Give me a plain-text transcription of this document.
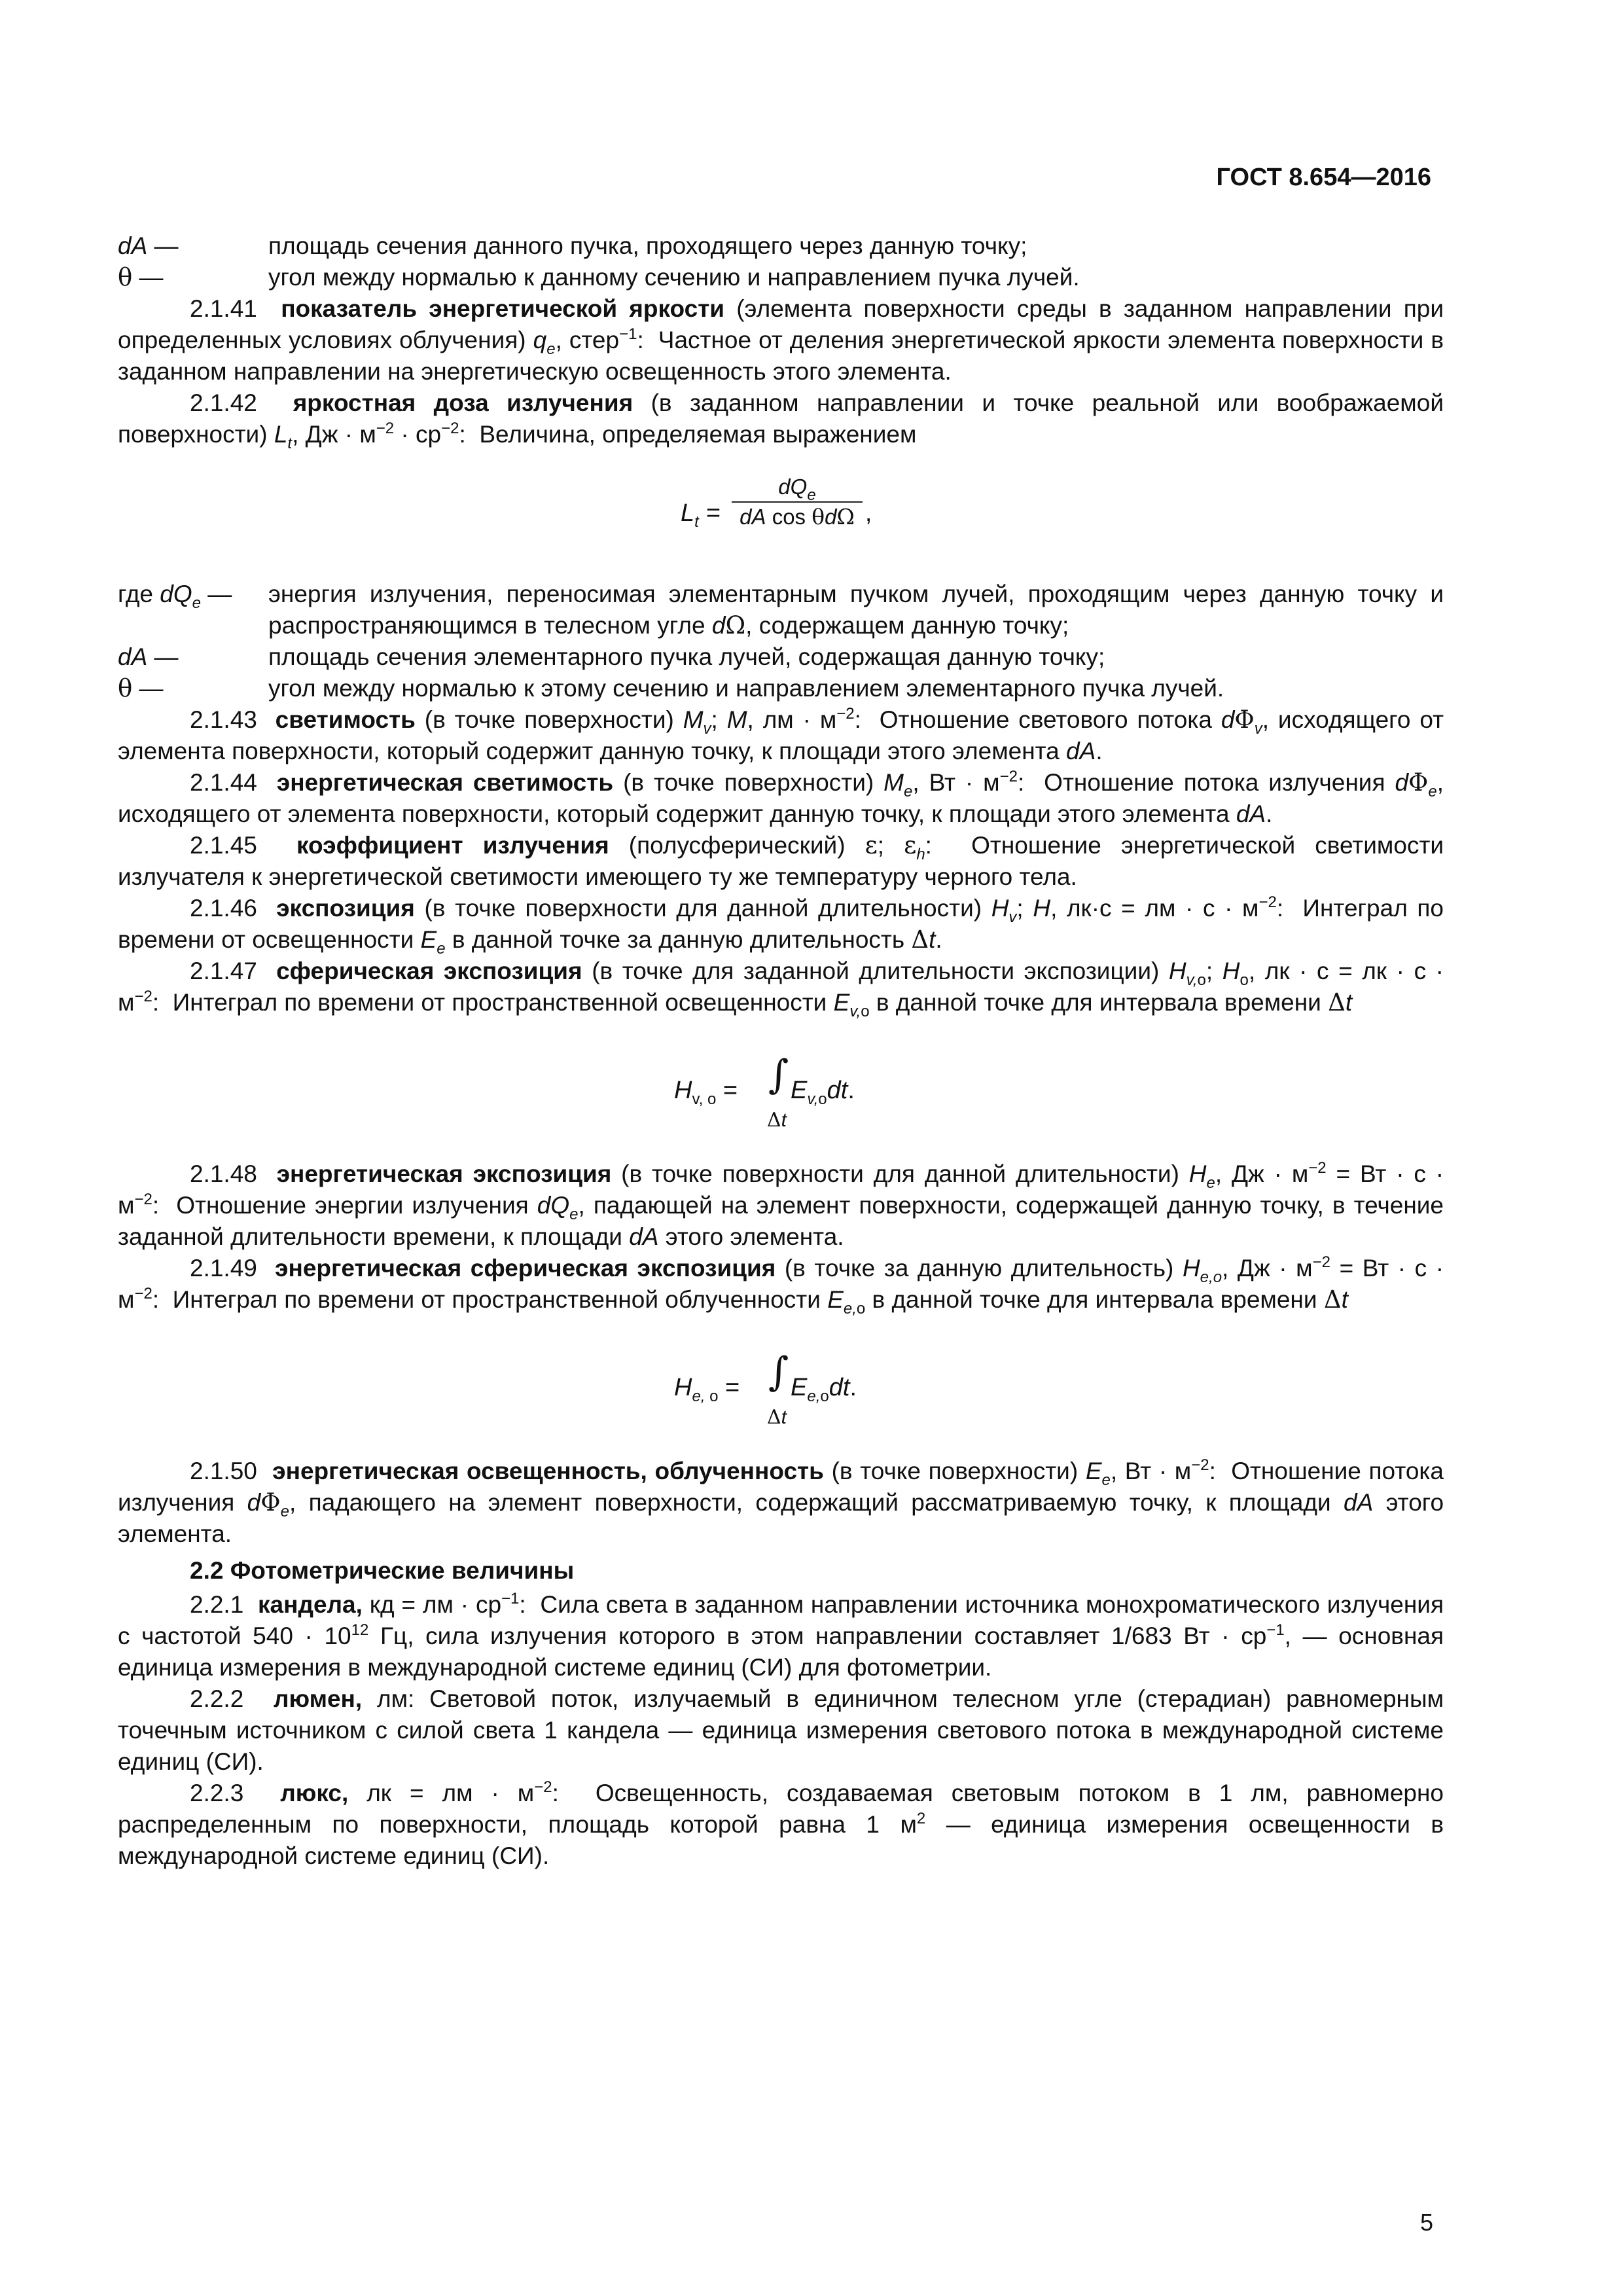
ГОСТ 8.654—2016

dA —	площадь сечения данного пучка, проходящего через данную точку;

θ —	угол между нормалью к данному сечению и направлением пучка лучей.

2.1.41 показатель энергетической яркости (элемента поверхности среды в заданном направлении при определенных условиях облучения) $q_e$, стер$^{-1}$:  Частное от деления энергетической яркости элемента поверхности в заданном направлении на энергетическую освещенность этого элемента.

2.1.42 яркостная доза излучения (в заданном направлении и точке реальной или воображаемой поверхности) $L_t$, Дж · $м^{-2} \cdot ср^{-2}$:  Величина, определяемая выражением

$L_t$ =
$dQ_e$
dA cos θdΩ ,

где $dQ_e$ — энергия излучения, переносимая элементарным пучком лучей, проходящим через данную точку и распространяющимся в телесном угле dΩ, содержащем данную точку;

dA —	площадь сечения элементарного пучка лучей, содержащая данную точку;

θ —	угол между нормалью к этому сечению и направлением элементарного пучка лучей.

2.1.43 светимость (в точке поверхности) $M_v$; M, лм · $м^{-2}$:  Отношение светового потока $d\Phi_v$, исходящего от элемента поверхности, который содержит данную точку, к площади этого элемента dA.

2.1.44 энергетическая светимость (в точке поверхности) $M_e$, Вт · $м^{-2}$:  Отношение потока излучения $d\Phi_e$, исходящего от элемента поверхности, который содержит данную точку, к площади этого элемента dA.

2.1.45 коэффициент излучения (полусферический) ε; $\varepsilon_h$:  Отношение энергетической светимости излучателя к энергетической светимости имеющего ту же температуру черного тела.

2.1.46 экспозиция (в точке поверхности для данной длительности) $H_v$; H, лк·с = лм · $с \cdot м^{-2}$:  Интеграл по времени от освещенности $E_e$ в данной точке за данную длительность Δt.

2.1.47 сферическая экспозиция (в точке для заданной длительности экспозиции) $H_{v,о}$; $H_о$, лк · с = лк · $с \cdot м^{-2}$:  Интеграл по времени от пространственной освещенности $E_{v,о}$ в данной точке для интервала времени Δt

$H_{v, о}$ = ∫
Δt
$E_{v,о}dt$.

2.1.48 энергетическая экспозиция (в точке поверхности для данной длительности) $H_e$, Дж · $м^{-2}$ = Вт · $с \cdot м^{-2}$:  Отношение энергии излучения $dQ_e$, падающей на элемент поверхности, содержащей данную точку, в течение заданной длительности времени, к площади dA этого элемента.

2.1.49 энергетическая сферическая экспозиция (в точке за данную длительность) $H_{e,o}$, Дж · $м^{-2}$ = Вт · $с \cdot м^{-2}$:  Интеграл по времени от пространственной облученности $E_{e,о}$ в данной точке для интервала времени Δt

$H_{e,}$ $_о$ = ∫
Δt
$E_{e,о}dt$.

2.1.50 энергетическая освещенность, облученность (в точке поверхности) $E_e$, Вт · $м^{-2}$:  Отношение потока излучения $d\Phi_e$, падающего на элемент поверхности, содержащий рассматриваемую точку, к площади dA этого элемента.

2.2 Фотометрические величины

2.2.1 кандела, кд = лм · $ср^{-1}$:  Сила света в заданном направлении источника монохроматического излучения с частотой $540 \cdot 10^{12}$ Гц, сила излучения которого в этом направлении составляет 1/683 Вт · $ср^{-1}$, — основная единица измерения в международной системе единиц (СИ) для фотометрии.

2.2.2 люмен, лм: Световой поток, излучаемый в единичном телесном угле (стерадиан) равномерным точечным источником с силой света 1 кандела — единица измерения светового потока в международной системе единиц (СИ).

2.2.3 люкс, лк = лм · $м^{-2}$:  Освещенность, создаваемая световым потоком в 1 лм, равномерно распределенным по поверхности, площадь которой равна 1 $м^2$ — единица измерения освещенности в международной системе единиц (СИ).

5
